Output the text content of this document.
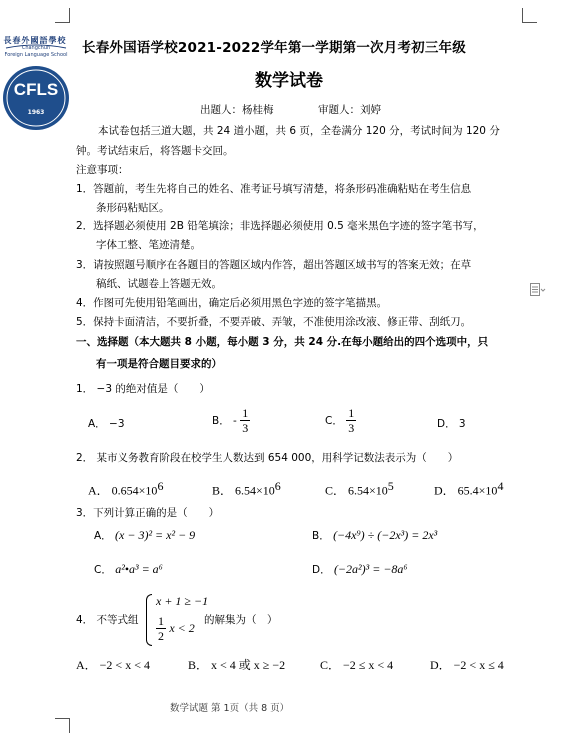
長春外國語學校
Changchun
Foreign Language School
CFLS
1963
长春外国语学校2021-2022学年第一学期第一次月考初三年级
数学试卷
出题人：杨桂梅	审题人：刘婷
本试卷包括三道大题，共 24 道小题，共 6 页，全卷满分 120 分，考试时间为 120 分
钟。考试结束后，将答题卡交回。
注意事项：
1．答题前，考生先将自己的姓名、准考证号填写清楚，将条形码准确粘贴在考生信息
条形码粘贴区。
2．选择题必须使用 2B 铅笔填涂；非选择题必须使用 0.5 毫米黑色字迹的签字笔书写，
字体工整、笔迹清楚。
3．请按照题号顺序在各题目的答题区域内作答，超出答题区域书写的答案无效；在草
稿纸、试题卷上答题无效。
4．作图可先使用铅笔画出，确定后必须用黑色字迹的签字笔描黑。
5．保持卡面清洁，不要折叠，不要弄破、弄皱，不准使用涂改液、修正带、刮纸刀。
一、选择题（本大题共 8 小题，每小题 3 分，共 24 分.在每小题给出的四个选项中，只
有一项是符合题目要求的）
1． −3 的绝对值是（　　）
A． −3	B． - $\frac{1}{3}$	C． $\frac{1}{3}$	D． 3
2． 某市义务教育阶段在校学生人数达到 654 000，用科学记数法表示为（　　）
A． $0.654\times 10^6$	B． $6.54\times 10^6$	C． $6.54\times 10^5$	D． $65.4\times 10^4$
3．下列计算正确的是（　　）
A． (x − 3)² = x² − 9	B． (−4x⁹) ÷ (−2x³) = 2x³
C． a²•a³ = a⁶	D． (−2a²)³ = −8a⁶
4． 不等式组
x + 1 ≥ −1
$\frac{1}{2}$ x < 2
的解集为（　）
A． −2 < x < 4	B． x < 4 或 x ≥ −2	C． −2 ≤ x < 4	D． −2 < x ≤ 4
数学试题 第 1页（共 8 页）
